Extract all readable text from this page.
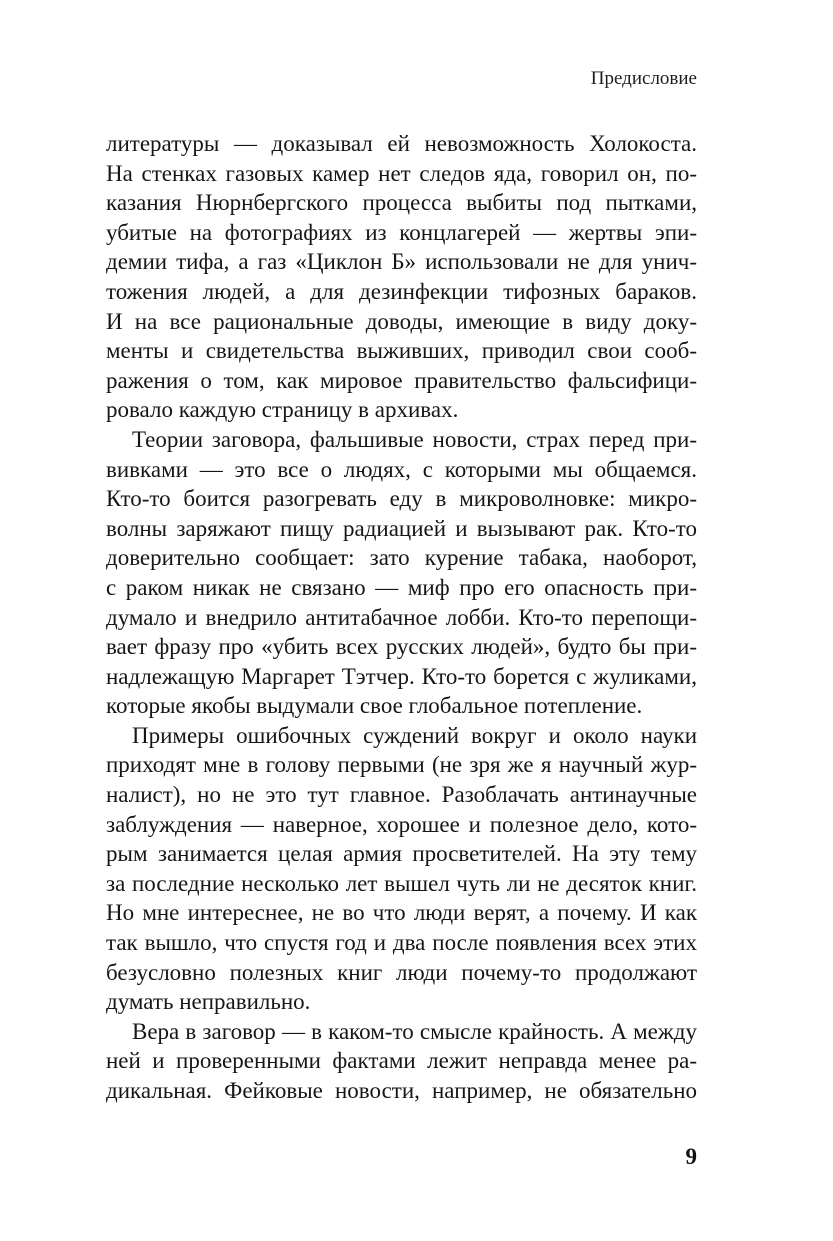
Предисловие
литературы — доказывал ей невозможность Холокоста.
На стенках газовых камер нет следов яда, говорил он, по-
казания Нюрнбергского процесса выбиты под пытками,
убитые на фотографиях из концлагерей — жертвы эпи-
демии тифа, а газ «Циклон Б» использовали не для унич-
тожения людей, а для дезинфекции тифозных бараков.
И на все рациональные доводы, имеющие в виду доку-
менты и свидетельства выживших, приводил свои сооб-
ражения о том, как мировое правительство фальсифици-
ровало каждую страницу в архивах.
Теории заговора, фальшивые новости, страх перед при-
вивками — это все о людях, с которыми мы общаемся.
Кто-то боится разогревать еду в микроволновке: микро-
волны заряжают пищу радиацией и вызывают рак. Кто-то
доверительно сообщает: зато курение табака, наоборот,
с раком никак не связано — миф про его опасность при-
думало и внедрило антитабачное лобби. Кто-то перепощи-
вает фразу про «убить всех русских людей», будто бы при-
надлежащую Маргарет Тэтчер. Кто-то борется с жуликами,
которые якобы выдумали свое глобальное потепление.
Примеры ошибочных суждений вокруг и около науки
приходят мне в голову первыми (не зря же я научный жур-
налист), но не это тут главное. Разоблачать антинаучные
заблуждения — наверное, хорошее и полезное дело, кото-
рым занимается целая армия просветителей. На эту тему
за последние несколько лет вышел чуть ли не десяток книг.
Но мне интереснее, не во что люди верят, а почему. И как
так вышло, что спустя год и два после появления всех этих
безусловно полезных книг люди почему-то продолжают
думать неправильно.
Вера в заговор — в каком-то смысле крайность. А между
ней и проверенными фактами лежит неправда менее ра-
дикальная. Фейковые новости, например, не обязательно
9
